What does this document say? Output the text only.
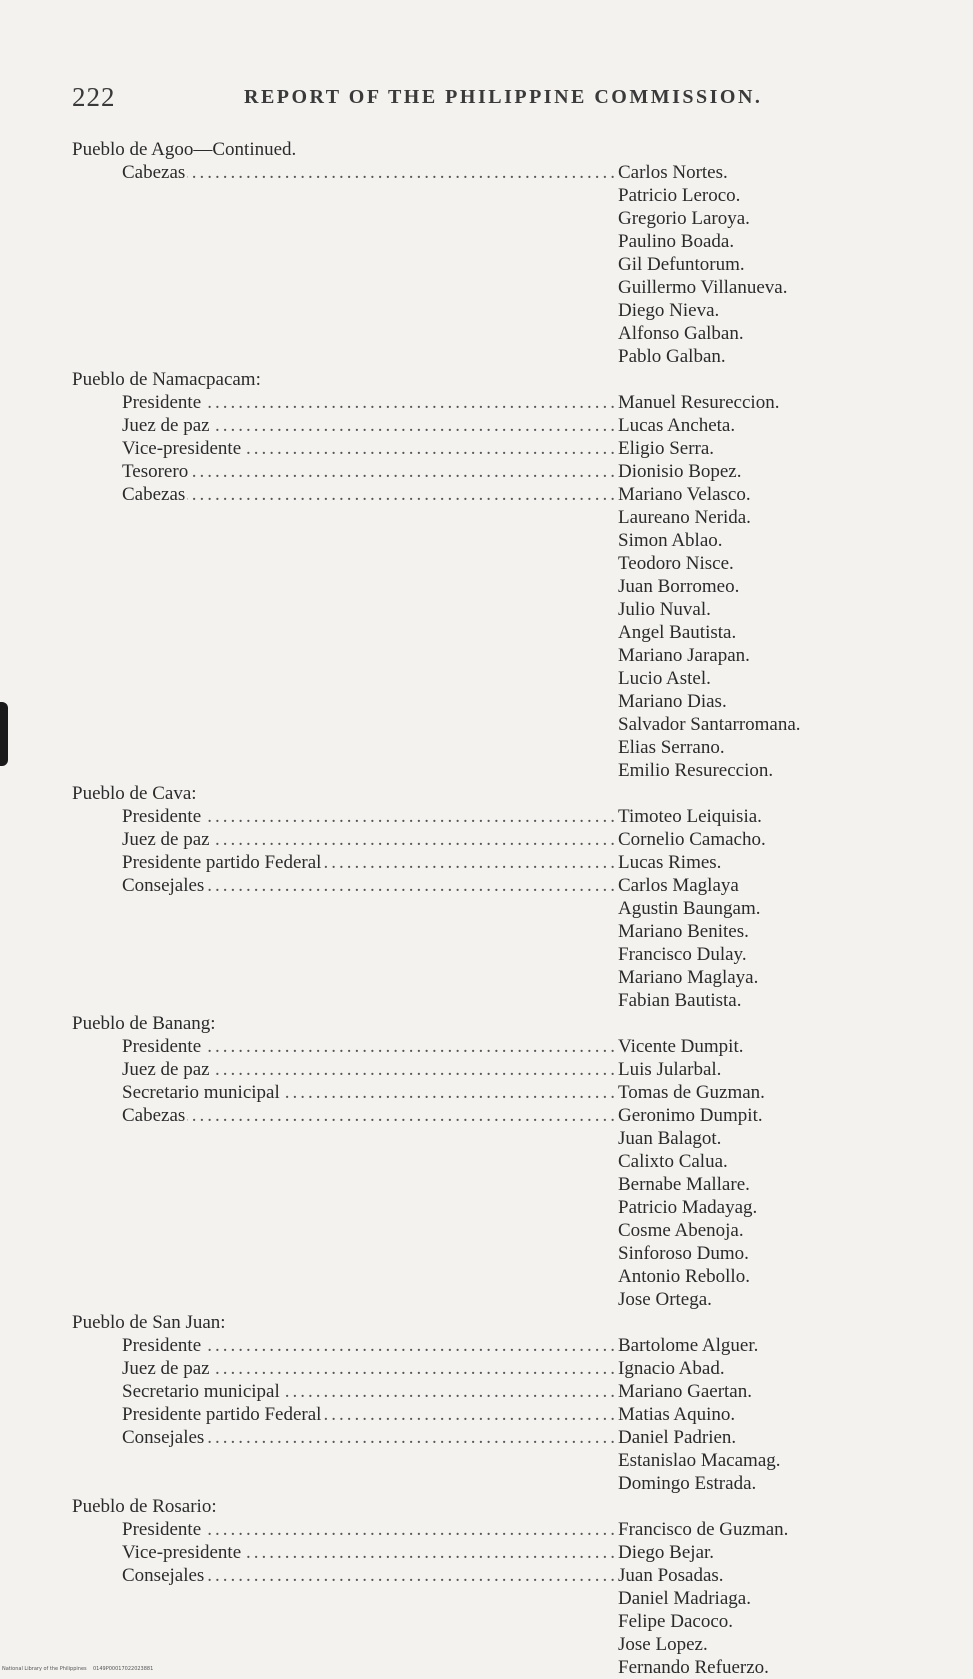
222	REPORT OF THE PHILIPPINE COMMISSION.
Pueblo de Agoo—Continued.
Cabezas .....	Carlos Nortes.
Patricio Leroco.
Gregorio Laroya.
Paulino Boada.
Gil Defuntorum.
Guillermo Villanueva.
Diego Nieva.
Alfonso Galban.
Pablo Galban.
Pueblo de Namacpacam:
Presidente .....	Manuel Resureccion.
Juez de paz .....	Lucas Ancheta.
Vice-presidente .....	Eligio Serra.
Tesorero .....	Dionisio Bopez.
Cabezas .....	Mariano Velasco.
Laureano Nerida.
Simon Ablao.
Teodoro Nisce.
Juan Borromeo.
Julio Nuval.
Angel Bautista.
Mariano Jarapan.
Lucio Astel.
Mariano Dias.
Salvador Santarromana.
Elias Serrano.
Emilio Resureccion.
Pueblo de Cava:
Presidente .....	Timoteo Leiquisia.
Juez de paz .....	Cornelio Camacho.
Presidente partido Federal .....	Lucas Rimes.
Consejales .....	Carlos Maglaya
Agustin Baungam.
Mariano Benites.
Francisco Dulay.
Mariano Maglaya.
Fabian Bautista.
Pueblo de Banang:
Presidente .....	Vicente Dumpit.
Juez de paz .....	Luis Jularbal.
Secretario municipal .....	Tomas de Guzman.
Cabezas .....	Geronimo Dumpit.
Juan Balagot.
Calixto Calua.
Bernabe Mallare.
Patricio Madayag.
Cosme Abenoja.
Sinforoso Dumo.
Antonio Rebollo.
Jose Ortega.
Pueblo de San Juan:
Presidente .....	Bartolome Alguer.
Juez de paz .....	Ignacio Abad.
Secretario municipal .....	Mariano Gaertan.
Presidente partido Federal .....	Matias Aquino.
Consejales .....	Daniel Padrien.
Estanislao Macamag.
Domingo Estrada.
Pueblo de Rosario:
Presidente .....	Francisco de Guzman.
Vice-presidente .....	Diego Bejar.
Consejales .....	Juan Posadas.
Daniel Madriaga.
Felipe Dacoco.
Jose Lopez.
Fernando Refuerzo.
National Library of the Philippines 0149P00017022023881
